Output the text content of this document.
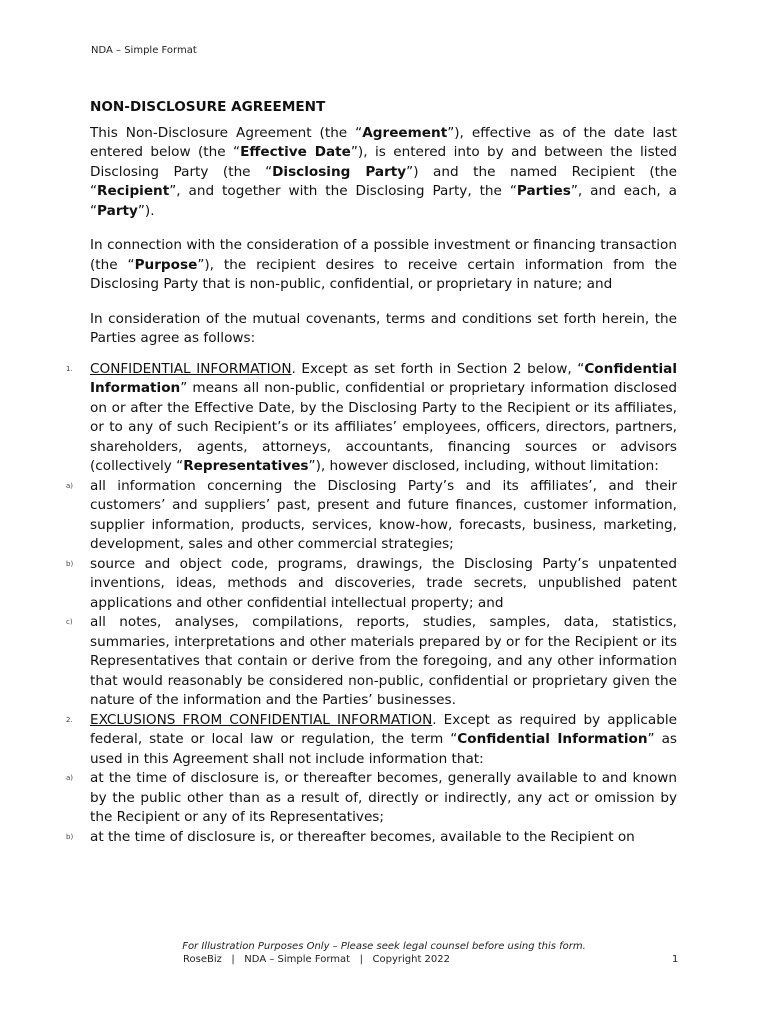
NDA – Simple Format
NON-DISCLOSURE AGREEMENT

This Non-Disclosure Agreement (the “Agreement”), effective as of the date last entered below (the “Effective Date”), is entered into by and between the listed Disclosing Party (the “Disclosing Party”) and the named Recipient (the “Recipient”, and together with the Disclosing Party, the “Parties”, and each, a “Party”).

In connection with the consideration of a possible investment or financing transaction (the “Purpose”), the recipient desires to receive certain information from the Disclosing Party that is non-public, confidential, or proprietary in nature; and

In consideration of the mutual covenants, terms and conditions set forth herein, the Parties agree as follows:

1. CONFIDENTIAL INFORMATION. Except as set forth in Section 2 below, “Confidential Information” means all non-public, confidential or proprietary information disclosed on or after the Effective Date, by the Disclosing Party to the Recipient or its affiliates, or to any of such Recipient’s or its affiliates’ employees, officers, directors, partners, shareholders, agents, attorneys, accountants, financing sources or advisors (collectively “Representatives”), however disclosed, including, without limitation:
a) all information concerning the Disclosing Party’s and its affiliates’, and their customers’ and suppliers’ past, present and future finances, customer information, supplier information, products, services, know-how, forecasts, business, marketing, development, sales and other commercial strategies;
b) source and object code, programs, drawings, the Disclosing Party’s unpatented inventions, ideas, methods and discoveries, trade secrets, unpublished patent applications and other confidential intellectual property; and
c) all notes, analyses, compilations, reports, studies, samples, data, statistics, summaries, interpretations and other materials prepared by or for the Recipient or its Representatives that contain or derive from the foregoing, and any other information that would reasonably be considered non-public, confidential or proprietary given the nature of the information and the Parties’ businesses.
2. EXCLUSIONS FROM CONFIDENTIAL INFORMATION. Except as required by applicable federal, state or local law or regulation, the term “Confidential Information” as used in this Agreement shall not include information that:
a) at the time of disclosure is, or thereafter becomes, generally available to and known by the public other than as a result of, directly or indirectly, any act or omission by the Recipient or any of its Representatives;
b) at the time of disclosure is, or thereafter becomes, available to the Recipient on
For Illustration Purposes Only – Please seek legal counsel before using this form.
RoseBiz   |   NDA – Simple Format   |   Copyright 2022	1
